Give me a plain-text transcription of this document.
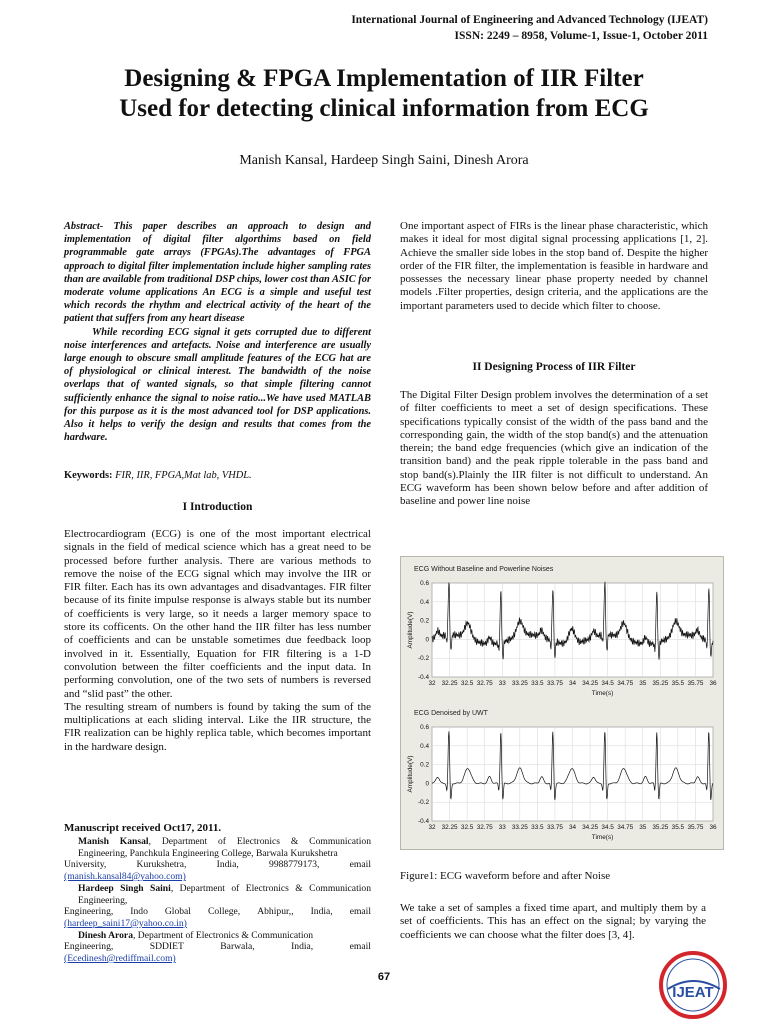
International Journal of Engineering and Advanced Technology (IJEAT)
ISSN: 2249 – 8958, Volume-1, Issue-1, October 2011
Designing & FPGA Implementation of IIR Filter
Used for detecting clinical information from ECG
Manish Kansal, Hardeep Singh Saini, Dinesh Arora

Abstract- This paper describes an approach to design and implementation of digital filter algorthims based on field programmable gate arrays (FPGAs).The advantages of FPGA approach to digital filter implementation include higher sampling rates than are available from traditional DSP chips, lower cost than ASIC for moderate volume applications An ECG is a simple and useful test which records the rhythm and electrical activity of the heart of the patient that suffers from any heart disease

While recording ECG signal it gets corrupted due to different noise interferences and artefacts. Noise and interference are usually large enough to obscure small amplitude features of the ECG hat are of physiological or clinical interest. The bandwidth of the noise overlaps that of wanted signals, so that simple filtering cannot sufficiently enhance the signal to noise ratio...We have used MATLAB for this purpose as it is the most advanced tool for DSP applications. Also it helps to verify the design and results that comes from the hardware.

Keywords: FIR, IIR, FPGA,Mat lab, VHDL.
I Introduction

Electrocardiogram (ECG) is one of the most important electrical signals in the field of medical science which has a great need to be processed before further analysis. There are various methods to remove the noise of the ECG signal which may involve the IIR or FIR filter. Each has its own advantages and disadvantages. FIR filter because of its finite impulse response is always stable but its number of coefficients is very large, so it needs a larger memory space to store its cofficents. On the other hand the IIR filter has less number of coefficients and can be unstable sometimes due feedback loop involved in it. Essentially, Equation for FIR filtering is a 1-D convolution between the filter coefficients and the input data. In performing convolution, one of the two sets of numbers is reversed and “slid past” the other.

The resulting stream of numbers is found by taking the sum of the multiplications at each sliding interval. Like the IIR structure, the FIR realization can be highly replica table, which becomes important in the hardware design.

Manuscript received Oct17, 2011.
Manish Kansal, Department of Electronics & Communication Engineering, Panchkula Engineering College, Barwala Kurukshetra
University,	Kurukshetra,	India,	9988779173,	email
(manish.kansal84@yahoo.com)
Hardeep Singh Saini, Department of Electronics & Communication Engineering,
Engineering, Indo Global College, Abhipur,, India, email
(hardeep_saini17@yahoo.co.in)
Dinesh Arora, Department of Electronics & Communication
Engineering,	SDDIET	Barwala,	India,	email
(Ecedinesh@rediffmail.com)
One important aspect of FIRs is the linear phase characteristic, which makes it ideal for most digital signal processing applications [1, 2]. Achieve the smaller side lobes in the stop band of. Despite the higher order of the FIR filter, the implementation is feasible in hardware and possesses the necessary linear phase property needed by channel models .Filter properties, design criteria, and the applications are the important parameters used to decide which filter to choose.
II Designing Process of IIR Filter
The Digital Filter Design problem involves the determination of a set of filter coefficients to meet a set of design specifications. These specifications typically consist of the width of the pass band and the corresponding gain, the width of the stop band(s) and the attenuation therein; the band edge frequencies (which give an indication of the transition band) and the peak ripple tolerable in the pass band and stop band(s).Plainly the IIR filter is not difficult to understand. An ECG waveform has been shown below before and after addition of baseline and power line noise
ECG Without Baseline and Powerline Noises
-0.4
-0.2
0
0.2
0.4
0.6
32 32.25 32.5 32.75 33 33.25 33.5 33.75 34 34.25 34.5 34.75 35 35.25 35.5 35.75 36
Time(s)
Amplitude(V)
ECG Denoised by UWT
-0.4
-0.2
0
0.2
0.4
0.6
32 32.25 32.5 32.75 33 33.25 33.5 33.75 34 34.25 34.5 34.75 35 35.25 35.5 35.75 36
Time(s)
Amplitude(V)
Figure1: ECG waveform before and after Noise
We take a set of samples a fixed time apart, and multiply them by a set of coefficients. This has an effect on the signal; by varying the coefficients we can choose what the filter does [3, 4].
67
IJEAT
